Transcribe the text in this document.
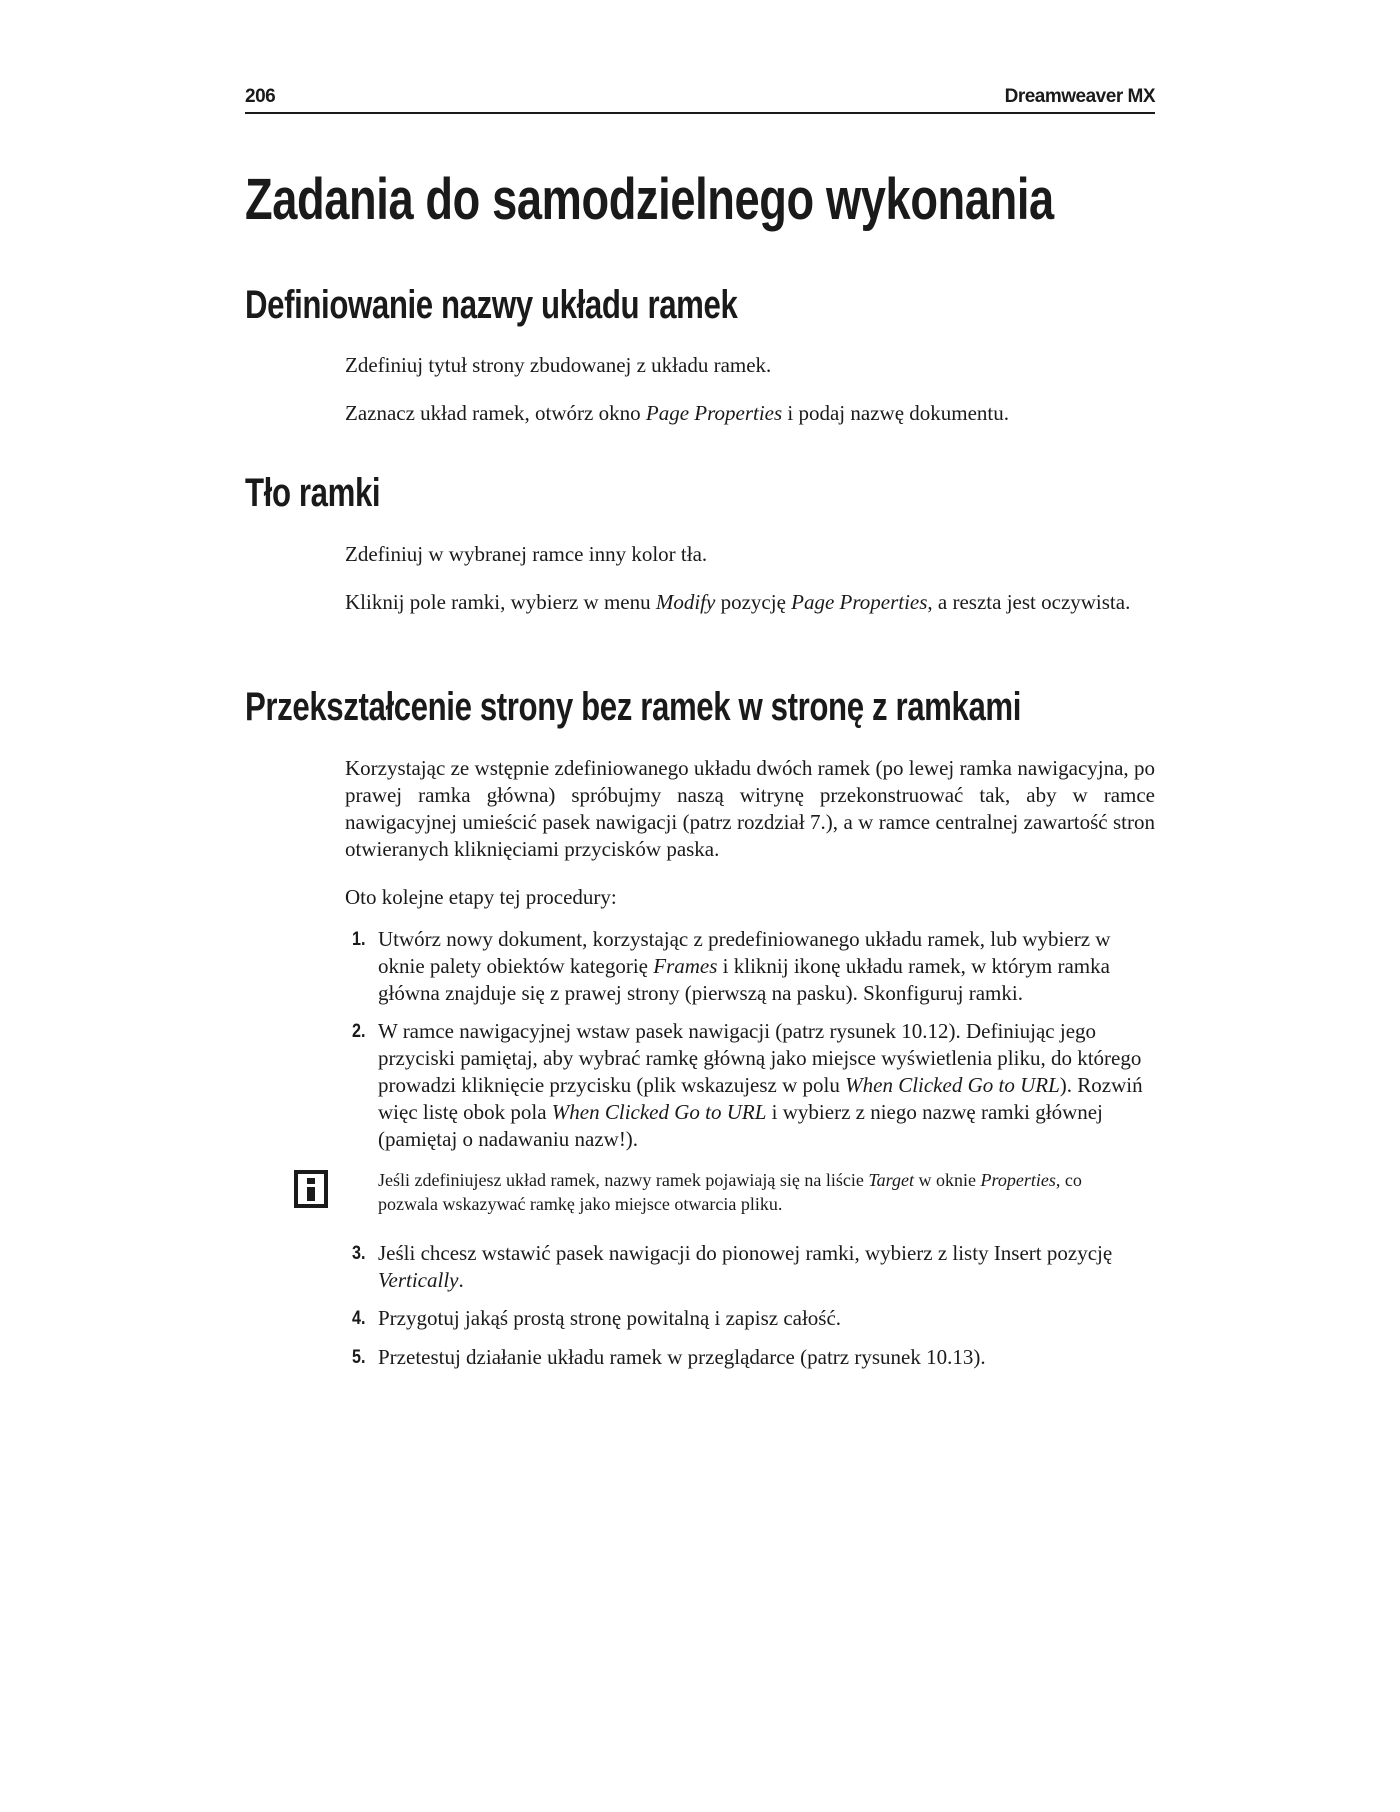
206	Dreamweaver MX
Zadania do samodzielnego wykonania
Definiowanie nazwy układu ramek
Zdefiniuj tytuł strony zbudowanej z układu ramek.
Zaznacz układ ramek, otwórz okno Page Properties i podaj nazwę dokumentu.
Tło ramki
Zdefiniuj w wybranej ramce inny kolor tła.
Kliknij pole ramki, wybierz w menu Modify pozycję Page Properties, a reszta jest oczywista.
Przekształcenie strony bez ramek w stronę z ramkami
Korzystając ze wstępnie zdefiniowanego układu dwóch ramek (po lewej ramka nawigacyjna, po prawej ramka główna) spróbujmy naszą witrynę przekonstruować tak, aby w ramce nawigacyjnej umieścić pasek nawigacji (patrz rozdział 7.), a w ramce centralnej zawartość stron otwieranych kliknięciami przycisków paska.
Oto kolejne etapy tej procedury:
1. Utwórz nowy dokument, korzystając z predefiniowanego układu ramek, lub wybierz w oknie palety obiektów kategorię Frames i kliknij ikonę układu ramek, w którym ramka główna znajduje się z prawej strony (pierwszą na pasku). Skonfiguruj ramki.
2. W ramce nawigacyjnej wstaw pasek nawigacji (patrz rysunek 10.12). Definiując jego przyciski pamiętaj, aby wybrać ramkę główną jako miejsce wyświetlenia pliku, do którego prowadzi kliknięcie przycisku (plik wskazujesz w polu When Clicked Go to URL). Rozwiń więc listę obok pola When Clicked Go to URL i wybierz z niego nazwę ramki głównej (pamiętaj o nadawaniu nazw!).
Jeśli zdefiniujesz układ ramek, nazwy ramek pojawiają się na liście Target w oknie Properties, co pozwala wskazywać ramkę jako miejsce otwarcia pliku.
3. Jeśli chcesz wstawić pasek nawigacji do pionowej ramki, wybierz z listy Insert pozycję Vertically.
4. Przygotuj jakąś prostą stronę powitalną i zapisz całość.
5. Przetestuj działanie układu ramek w przeglądarce (patrz rysunek 10.13).
